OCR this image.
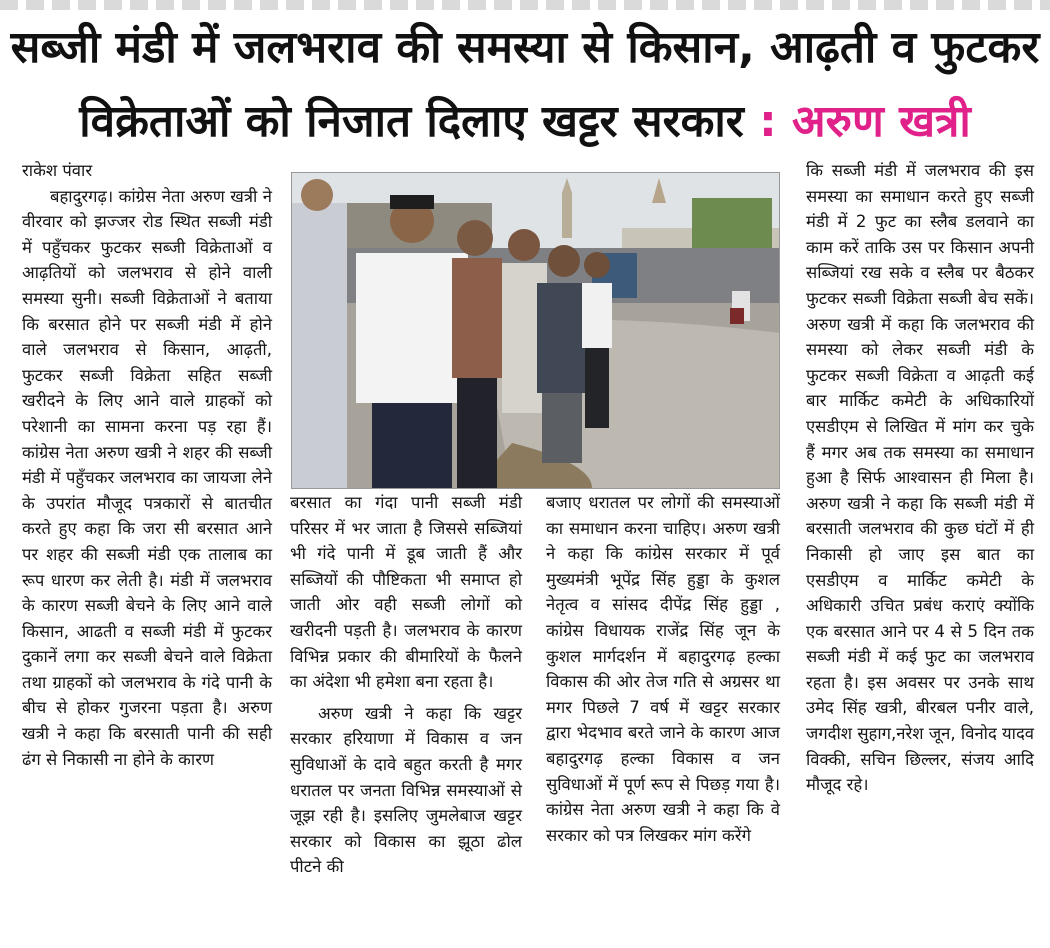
सब्जी मंडी में जलभराव की समस्या से किसान, आढ़ती व फुटकर
विक्रेताओं को निजात दिलाए खट्टर सरकार : अरुण खत्री

राकेश पंवार

बहादुरगढ़। कांग्रेस नेता अरुण खत्री ने वीरवार को झज्जर रोड स्थित सब्जी मंडी में पहुँचकर फुटकर सब्जी विक्रेताओं व आढ़तियों को जलभराव से होने वाली समस्या सुनी। सब्जी विक्रेताओं ने बताया कि बरसात होने पर सब्जी मंडी में होने वाले जलभराव से किसान, आढ़ती, फुटकर सब्जी विक्रेता सहित सब्जी खरीदने के लिए आने वाले ग्राहकों को परेशानी का सामना करना पड़ रहा हैं। कांग्रेस नेता अरुण खत्री ने शहर की सब्जी मंडी में पहुँचकर जलभराव का जायजा लेने के उपरांत मौजूद पत्रकारों से बातचीत करते हुए कहा कि जरा सी बरसात आने पर शहर की सब्जी मंडी एक तालाब का रूप धारण कर लेती है। मंडी में जलभराव के कारण सब्जी बेचने के लिए आने वाले किसान, आढती व सब्जी मंडी में फुटकर दुकानें लगा कर सब्जी बेचने वाले विक्रेता तथा ग्राहकों को जलभराव के गंदे पानी के बीच से होकर गुजरना पड़ता है। अरुण खत्री ने कहा कि बरसाती पानी की सही ढंग से निकासी ना होने के कारण

बरसात का गंदा पानी सब्जी मंडी परिसर में भर जाता है जिससे सब्जियां भी गंदे पानी में डूब जाती हैं और सब्जियों की पौष्टिकता भी समाप्त हो जाती ओर वही सब्जी लोगों को खरीदनी पड़ती है। जलभराव के कारण विभिन्न प्रकार की बीमारियों के फैलने का अंदेशा भी हमेशा बना रहता है।

अरुण खत्री ने कहा कि खट्टर सरकार हरियाणा में विकास व जन सुविधाओं के दावे बहुत करती है मगर धरातल पर जनता विभिन्न समस्याओं से जूझ रही है। इसलिए जुमलेबाज खट्टर सरकार को विकास का झूठा ढोल पीटने की

बजाए धरातल पर लोगों की समस्याओं का समाधान करना चाहिए। अरुण खत्री ने कहा कि कांग्रेस सरकार में पूर्व मुख्यमंत्री भूपेंद्र सिंह हुड्डा के कुशल नेतृत्व व सांसद दीपेंद्र सिंह हुड्डा , कांग्रेस विधायक राजेंद्र सिंह जून के कुशल मार्गदर्शन में बहादुरगढ़ हल्का विकास की ओर तेज गति से अग्रसर था मगर पिछले 7 वर्ष में खट्टर सरकार द्वारा भेदभाव बरते जाने के कारण आज बहादुरगढ़ हल्का विकास व जन सुविधाओं में पूर्ण रूप से पिछड़ गया है। कांग्रेस नेता अरुण खत्री ने कहा कि वे सरकार को पत्र लिखकर मांग करेंगे

कि सब्जी मंडी में जलभराव की इस समस्या का समाधान करते हुए सब्जी मंडी में 2 फुट का स्लैब डलवाने का काम करें ताकि उस पर किसान अपनी सब्जियां रख सके व स्लैब पर बैठकर फुटकर सब्जी विक्रेता सब्जी बेच सकें। अरुण खत्री में कहा कि जलभराव की समस्या को लेकर सब्जी मंडी के फुटकर सब्जी विक्रेता व आढ़ती कई बार मार्किट कमेटी के अधिकारियों एसडीएम से लिखित में मांग कर चुके हैं मगर अब तक समस्या का समाधान हुआ है सिर्फ आश्वासन ही मिला है। अरुण खत्री ने कहा कि सब्जी मंडी में बरसाती जलभराव की कुछ घंटों में ही निकासी हो जाए इस बात का एसडीएम व मार्किट कमेटी के अधिकारी उचित प्रबंध कराएं क्योंकि एक बरसात आने पर 4 से 5 दिन तक सब्जी मंडी में कई फुट का जलभराव रहता है। इस अवसर पर उनके साथ उमेद सिंह खत्री, बीरबल पनीर वाले, जगदीश सुहाग,नरेश जून, विनोद यादव विक्की, सचिन छिल्लर, संजय आदि मौजूद रहे।
